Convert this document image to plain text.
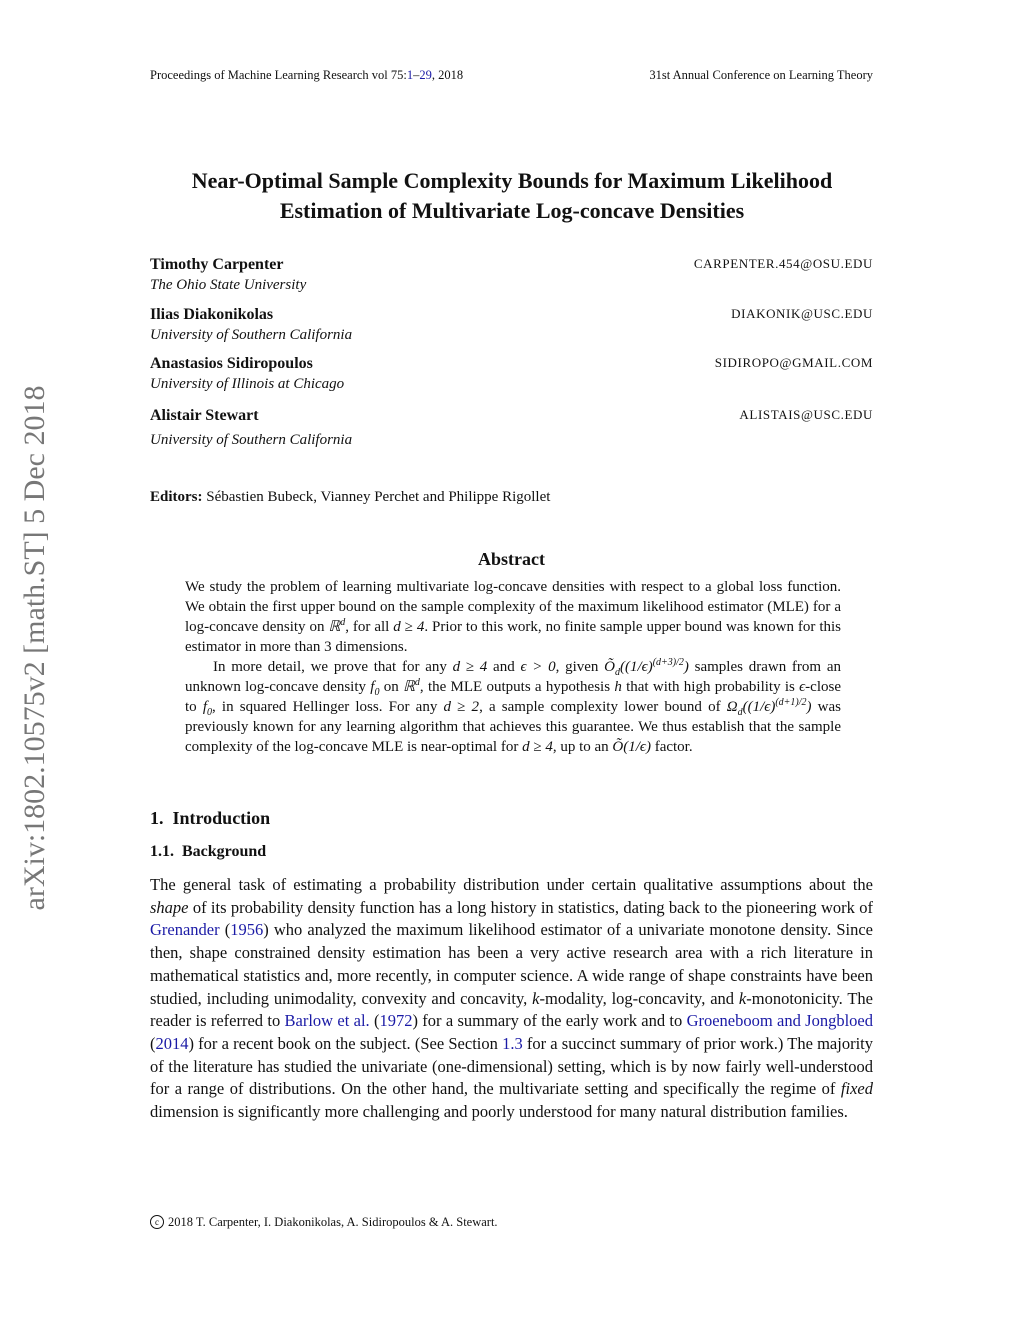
Proceedings of Machine Learning Research vol 75:1–29, 2018	31st Annual Conference on Learning Theory
arXiv:1802.10575v2 [math.ST] 5 Dec 2018
Near-Optimal Sample Complexity Bounds for Maximum Likelihood
Estimation of Multivariate Log-concave Densities
Timothy Carpenter
The Ohio State University
CARPENTER.454@OSU.EDU
Ilias Diakonikolas
University of Southern California
DIAKONIK@USC.EDU
Anastasios Sidiropoulos
University of Illinois at Chicago
SIDIROPO@GMAIL.COM
Alistair Stewart
University of Southern California
ALISTAIS@USC.EDU
Editors: Sébastien Bubeck, Vianney Perchet and Philippe Rigollet
Abstract

We study the problem of learning multivariate log-concave densities with respect to a global loss function. We obtain the first upper bound on the sample complexity of the maximum likelihood estimator (MLE) for a log-concave density on ℝ$^d$, for all d ≥ 4. Prior to this work, no finite sample upper bound was known for this estimator in more than 3 dimensions.

In more detail, we prove that for any d ≥ 4 and ϵ > 0, given $Õ_d((1/\epsilon)^{(d+3)/2})$ samples drawn from an unknown log-concave density $f_0$ on ℝ$^d$, the MLE outputs a hypothesis h that with high probability is ϵ-close to $f_0$, in squared Hellinger loss. For any d ≥ 2, a sample complexity lower bound of $\Omega_d((1/\epsilon)^{(d+1)/2})$ was previously known for any learning algorithm that achieves this guarantee. We thus establish that the sample complexity of the log-concave MLE is near-optimal for d ≥ 4, up to an Õ(1/ϵ) factor.

1. Introduction
1.1. Background

The general task of estimating a probability distribution under certain qualitative assumptions about the shape of its probability density function has a long history in statistics, dating back to the pioneering work of Grenander (1956) who analyzed the maximum likelihood estimator of a univariate monotone density. Since then, shape constrained density estimation has been a very active research area with a rich literature in mathematical statistics and, more recently, in computer science. A wide range of shape constraints have been studied, including unimodality, convexity and concavity, k-modality, log-concavity, and k-monotonicity. The reader is referred to Barlow et al. (1972) for a summary of the early work and to Groeneboom and Jongbloed (2014) for a recent book on the subject. (See Section 1.3 for a succinct summary of prior work.) The majority of the literature has studied the univariate (one-dimensional) setting, which is by now fairly well-understood for a range of distributions. On the other hand, the multivariate setting and specifically the regime of fixed dimension is significantly more challenging and poorly understood for many natural distribution families.

c 2018 T. Carpenter, I. Diakonikolas, A. Sidiropoulos & A. Stewart.
